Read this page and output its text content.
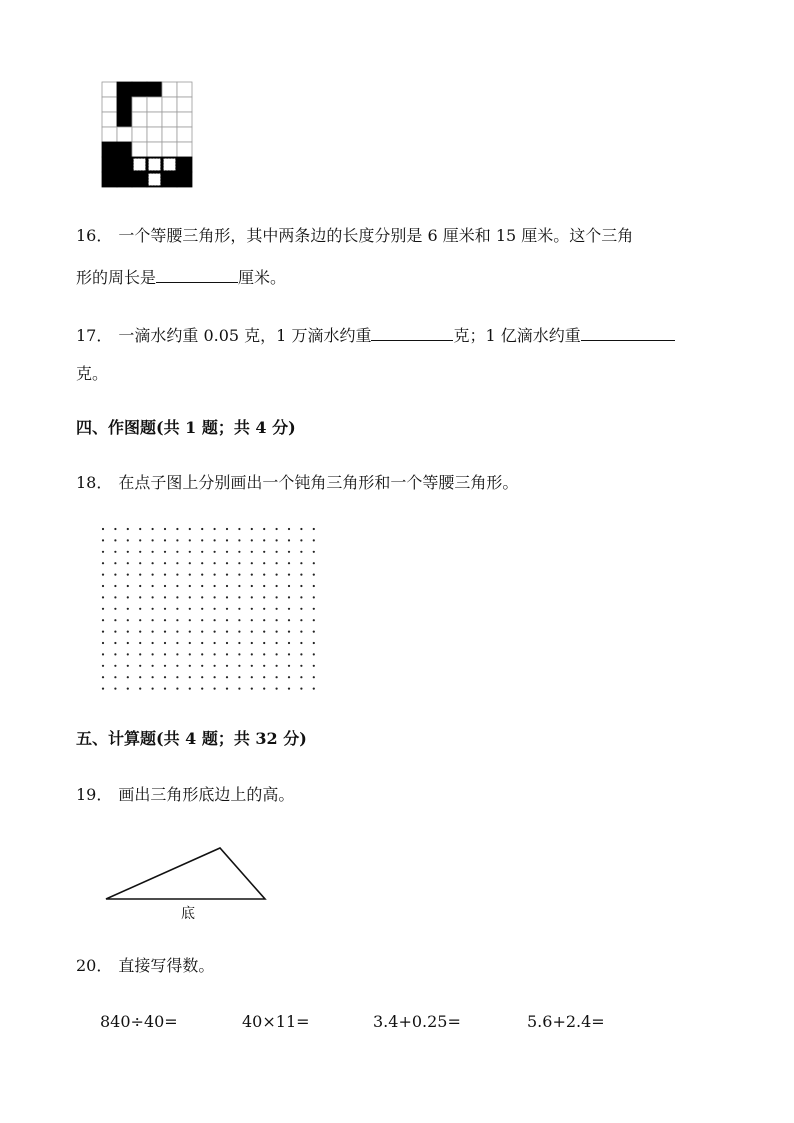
16． 一个等腰三角形，其中两条边的长度分别是 6 厘米和 15 厘米。这个三角
形的周长是	厘米。
17． 一滴水约重 0.05 克，1 万滴水约重	克；1 亿滴水约重
克。
四、作图题(共 1 题；共 4 分)
18． 在点子图上分别画出一个钝角三角形和一个等腰三角形。
五、计算题(共 4 题；共 32 分)
19． 画出三角形底边上的高。
底
20． 直接写得数。
840÷40=	40×11=	3.4+0.25=	5.6+2.4=
